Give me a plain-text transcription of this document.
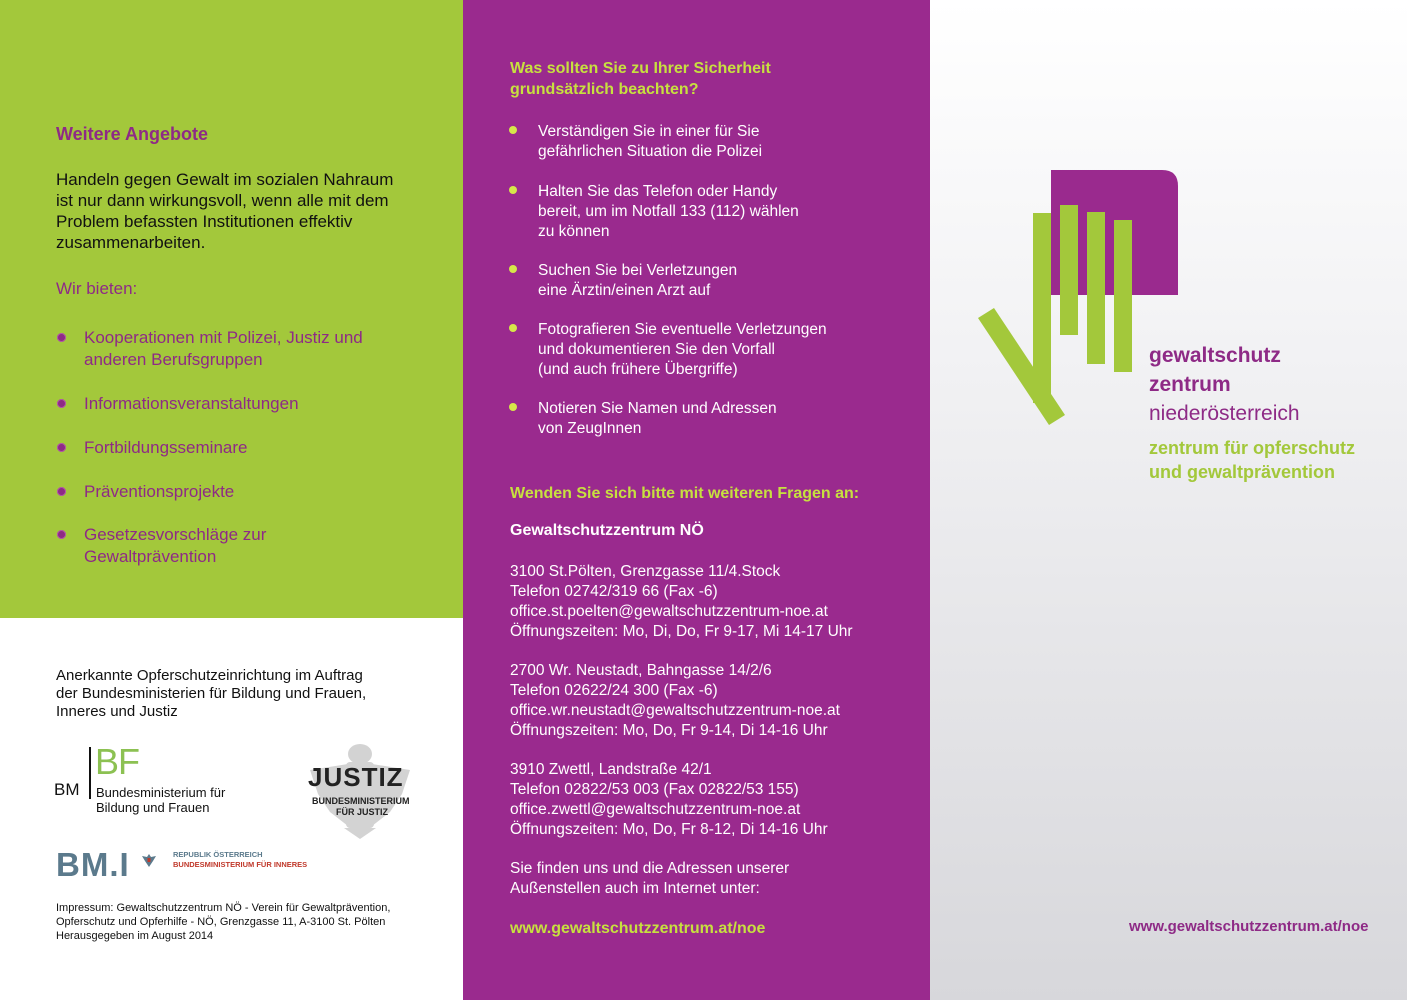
Weitere Angebote
Handeln gegen Gewalt im sozialen Nahraum
ist nur dann wirkungsvoll, wenn alle mit dem
Problem befassten Institutionen effektiv
zusammenarbeiten.
Wir bieten:
Kooperationen mit Polizei, Justiz und
anderen Berufsgruppen
Informationsveranstaltungen
Fortbildungsseminare
Präventionsprojekte
Gesetzesvorschläge zur
Gewaltprävention
Anerkannte Opferschutzeinrichtung im Auftrag
der Bundesministerien für Bildung und Frauen,
Inneres und Justiz
BM
BF
Bundesministerium für
Bildung und Frauen
JUSTIZ
BUNDESMINISTERIUM
FÜR JUSTIZ
BM.I	REPUBLIK ÖSTERREICH
BUNDESMINISTERIUM FÜR INNERES
Impressum: Gewaltschutzzentrum NÖ - Verein für Gewaltprävention,
Opferschutz und Opferhilfe - NÖ, Grenzgasse 11, A-3100 St. Pölten
Herausgegeben im August 2014
Was sollten Sie zu Ihrer Sicherheit
grundsätzlich beachten?
Verständigen Sie in einer für Sie
gefährlichen Situation die Polizei
Halten Sie das Telefon oder Handy
bereit, um im Notfall 133 (112) wählen
zu können
Suchen Sie bei Verletzungen
eine Ärztin/einen Arzt auf
Fotografieren Sie eventuelle Verletzungen
und dokumentieren Sie den Vorfall
(und auch frühere Übergriffe)
Notieren Sie Namen und Adressen
von ZeugInnen
Wenden Sie sich bitte mit weiteren Fragen an:
Gewaltschutzzentrum NÖ
3100 St.Pölten, Grenzgasse 11/4.Stock
Telefon 02742/319 66 (Fax -6)
office.st.poelten@gewaltschutzzentrum-noe.at
Öffnungszeiten: Mo, Di, Do, Fr 9-17, Mi 14-17 Uhr
2700 Wr. Neustadt, Bahngasse 14/2/6
Telefon 02622/24 300 (Fax -6)
office.wr.neustadt@gewaltschutzzentrum-noe.at
Öffnungszeiten: Mo, Do, Fr 9-14, Di 14-16 Uhr
3910 Zwettl, Landstraße 42/1
Telefon 02822/53 003 (Fax 02822/53 155)
office.zwettl@gewaltschutzzentrum-noe.at
Öffnungszeiten: Mo, Do, Fr 8-12, Di 14-16 Uhr
Sie finden uns und die Adressen unserer
Außenstellen auch im Internet unter:
www.gewaltschutzzentrum.at/noe
gewaltschutz
zentrum
niederösterreich
zentrum für opferschutz
und gewaltprävention
www.gewaltschutzzentrum.at/noe
